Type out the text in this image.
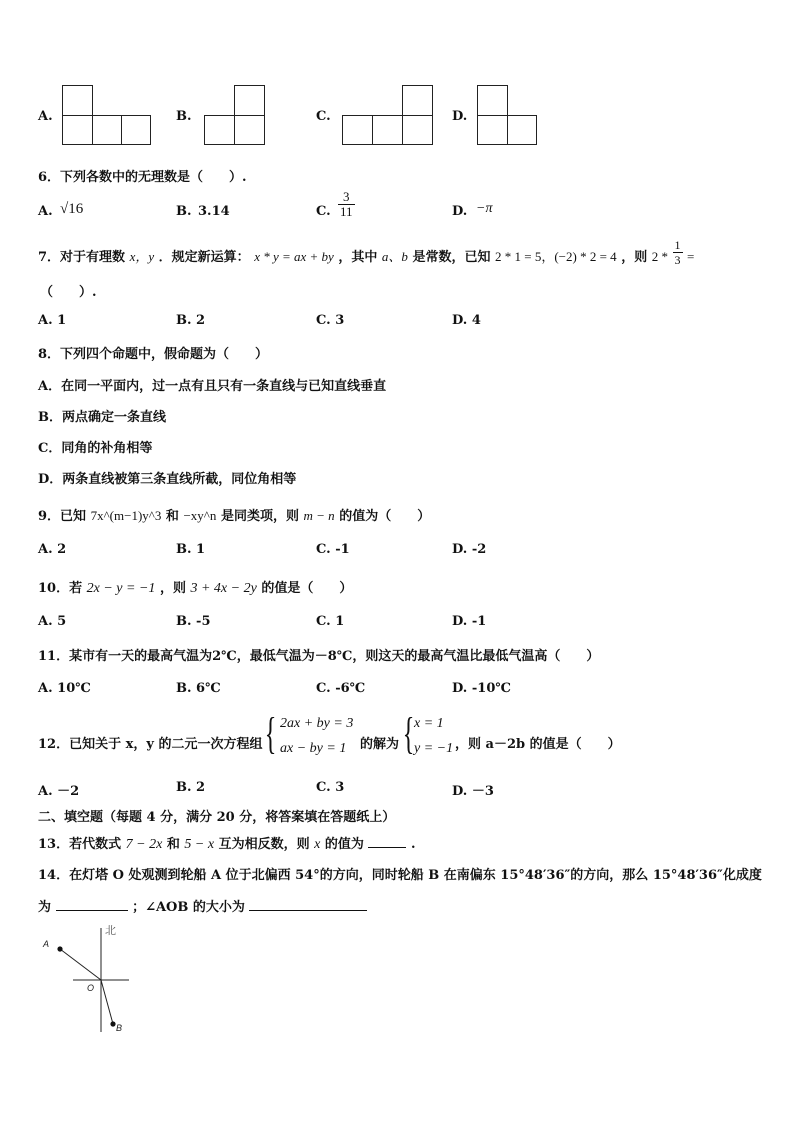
A.	B.	C.	D.
6．下列各数中的无理数是（　　）.
A. √16	B. 3.14	C. $\frac{3}{11}$	D. −π
7．对于有理数 x，y ．规定新运算： x * y = ax + by ，其中 a、b 是常数，已知 2 * 1 = 5，(−2) * 2 = 4 ，则 $2 * \frac{1}{3}$ =
（　　）.
A. 1	B. 2	C. 3	D. 4
8．下列四个命题中，假命题为（　　）
A．在同一平面内，过一点有且只有一条直线与已知直线垂直
B．两点确定一条直线
C．同角的补角相等
D．两条直线被第三条直线所截，同位角相等
9．已知 7x^(m−1)y^3 和 −xy^n 是同类项，则 m − n 的值为（　　）
A. 2	B. 1	C. -1	D. -2
10．若 2x − y = −1 ，则 3 + 4x − 2y 的值是（　　）
A. 5	B. -5	C. 1	D. -1
11．某市有一天的最高气温为2℃，最低气温为－8℃，则这天的最高气温比最低气温高（　　）
A. 10℃	B. 6℃	C. -6℃	D. -10℃
12．已知关于 x，y 的二元一次方程组 { 2ax + by = 3
ax − by = 1 的解为 { x = 1
y = −1 ，则 a－2b 的值是（　　）
A. －2	B. 2	C. 3	D. －3
二、填空题（每题 4 分，满分 20 分，将答案填在答题纸上）
13．若代数式 7 − 2x 和 5 − x 互为相反数，则 x 的值为	.
14．在灯塔 O 处观测到轮船 A 位于北偏西 54°的方向，同时轮船 B 在南偏东 15°48′36″的方向，那么 15°48′36″化成度
为	；∠AOB 的大小为
北
A
O
B
